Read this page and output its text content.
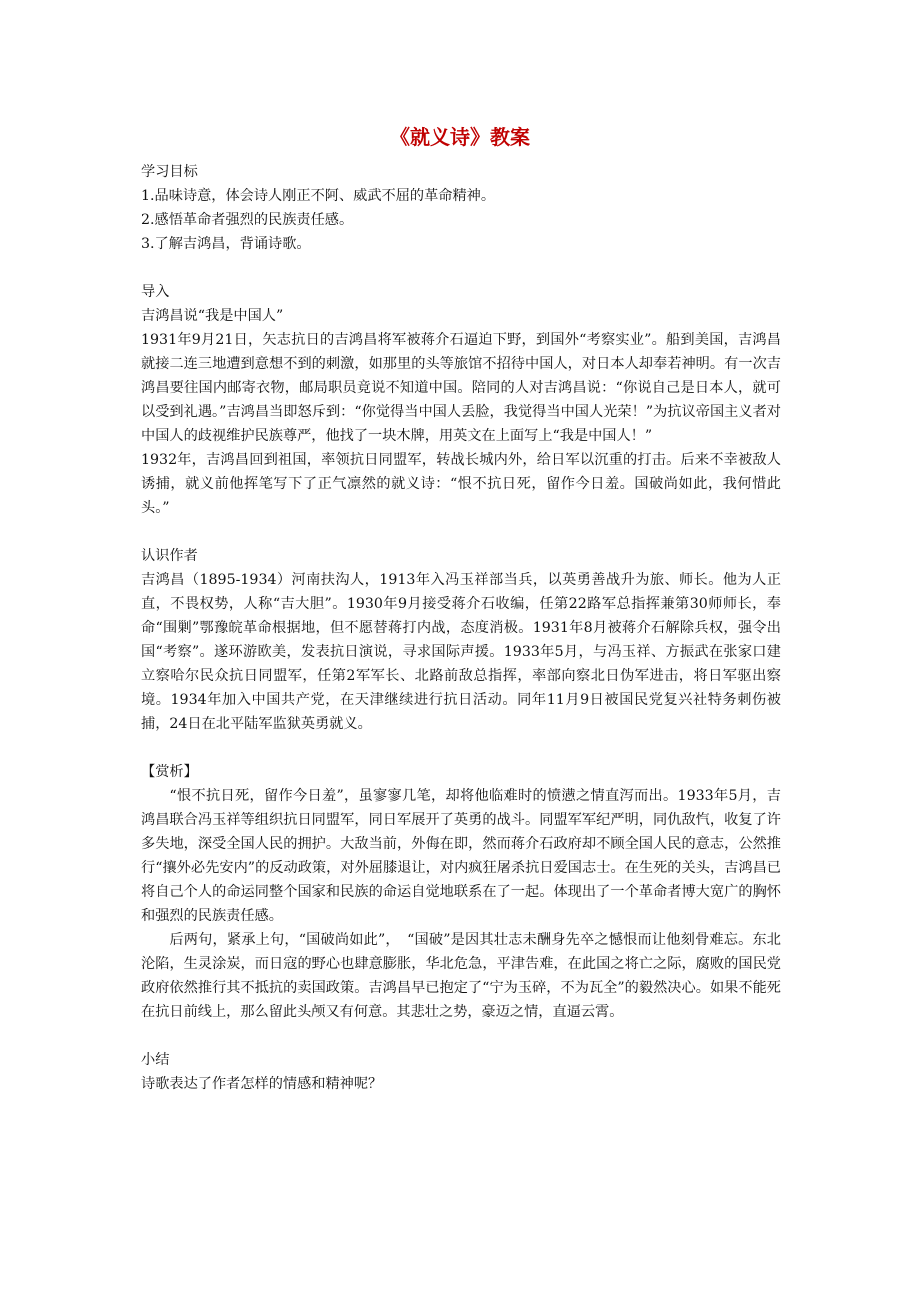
《就义诗》教案

学习目标

1.品味诗意，体会诗人刚正不阿、威武不屈的革命精神。

2.感悟革命者强烈的民族责任感。

3.了解吉鸿昌，背诵诗歌。

导入

吉鸿昌说“我是中国人”

1931年9月21日，矢志抗日的吉鸿昌将军被蒋介石逼迫下野，到国外“考察实业”。船到美国，吉鸿昌就接二连三地遭到意想不到的刺激，如那里的头等旅馆不招待中国人，对日本人却奉若神明。有一次吉鸿昌要往国内邮寄衣物，邮局职员竟说不知道中国。陪同的人对吉鸿昌说：“你说自己是日本人，就可以受到礼遇。”吉鸿昌当即怒斥到：“你觉得当中国人丢脸，我觉得当中国人光荣！”为抗议帝国主义者对中国人的歧视维护民族尊严，他找了一块木牌，用英文在上面写上“我是中国人！”

1932年，吉鸿昌回到祖国，率领抗日同盟军，转战长城内外，给日军以沉重的打击。后来不幸被敌人诱捕，就义前他挥笔写下了正气凛然的就义诗：“恨不抗日死，留作今日羞。国破尚如此，我何惜此头。”

认识作者

吉鸿昌（1895-1934）河南扶沟人，1913年入冯玉祥部当兵，以英勇善战升为旅、师长。他为人正直，不畏权势，人称“吉大胆”。1930年9月接受蒋介石收编，任第22路军总指挥兼第30师师长，奉命“围剿”鄂豫皖革命根据地，但不愿替蒋打内战，态度消极。1931年8月被蒋介石解除兵权，强令出国“考察”。遂环游欧美，发表抗日演说，寻求国际声援。1933年5月，与冯玉祥、方振武在张家口建立察哈尔民众抗日同盟军，任第2军军长、北路前敌总指挥，率部向察北日伪军进击，将日军驱出察境。1934年加入中国共产党，在天津继续进行抗日活动。同年11月9日被国民党复兴社特务刺伤被捕，24日在北平陆军监狱英勇就义。

【赏析】

“恨不抗日死，留作今日羞”，虽寥寥几笔，却将他临难时的愤懑之情直泻而出。1933年5月，吉鸿昌联合冯玉祥等组织抗日同盟军，同日军展开了英勇的战斗。同盟军军纪严明，同仇敌忾，收复了许多失地，深受全国人民的拥护。大敌当前，外侮在即，然而蒋介石政府却不顾全国人民的意志，公然推行“攘外必先安内”的反动政策，对外屈膝退让，对内疯狂屠杀抗日爱国志士。在生死的关头，吉鸿昌已将自己个人的命运同整个国家和民族的命运自觉地联系在了一起。体现出了一个革命者博大宽广的胸怀和强烈的民族责任感。

后两句，紧承上句，“国破尚如此”，　“国破”是因其壮志未酬身先卒之憾恨而让他刻骨难忘。东北沦陷，生灵涂炭，而日寇的野心也肆意膨胀，华北危急，平津告难，在此国之将亡之际，腐败的国民党政府依然推行其不抵抗的卖国政策。吉鸿昌早已抱定了“宁为玉碎，不为瓦全”的毅然决心。如果不能死在抗日前线上，那么留此头颅又有何意。其悲壮之势，豪迈之情，直逼云霄。

小结

诗歌表达了作者怎样的情感和精神呢？
